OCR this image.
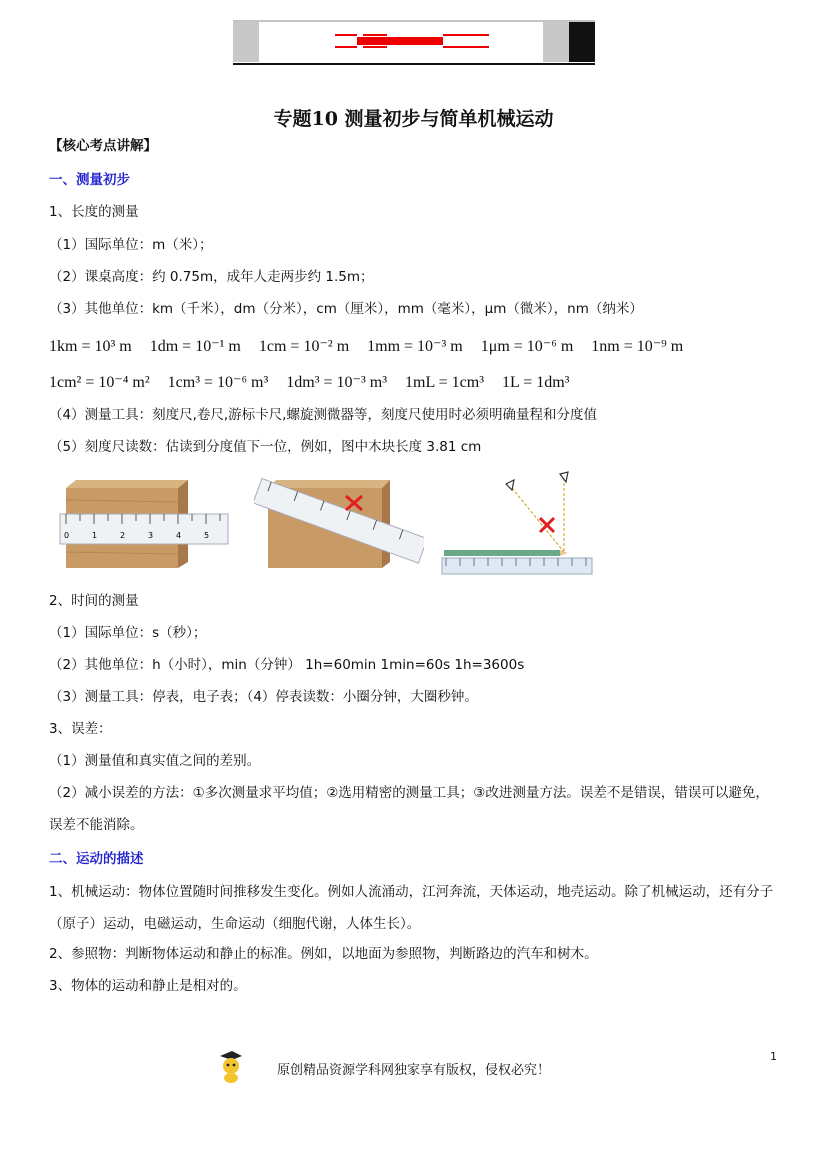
专题10 测量初步与简单机械运动
【核心考点讲解】
一、测量初步
1、长度的测量
（1）国际单位：m（米）；
（2）课桌高度：约 0.75m，成年人走两步约 1.5m；
（3）其他单位：km（千米），dm（分米），cm（厘米），mm（毫米），μm（微米），nm（纳米）
1km = 10³ m 1dm = 10⁻¹ m 1cm = 10⁻² m 1mm = 10⁻³ m 1μm = 10⁻⁶ m 1nm = 10⁻⁹ m
1cm² = 10⁻⁴ m² 1cm³ = 10⁻⁶ m³ 1dm³ = 10⁻³ m³ 1mL = 1cm³ 1L = 1dm³
（4）测量工具：刻度尺,卷尺,游标卡尺,螺旋测微器等，刻度尺使用时必须明确量程和分度值
（5）刻度尺读数：估读到分度值下一位，例如，图中木块长度 3.81 cm
0	1	2	3	4	5
2、时间的测量
（1）国际单位：s（秒）；
（2）其他单位：h（小时），min（分钟） 1h=60min 1min=60s 1h=3600s
（3）测量工具：停表，电子表；（4）停表读数：小圈分钟，大圈秒钟。
3、误差：
（1）测量值和真实值之间的差别。
（2）减小误差的方法：①多次测量求平均值；②选用精密的测量工具；③改进测量方法。误差不是错误，错误可以避免，误差不能消除。
二、运动的描述
1、机械运动：物体位置随时间推移发生变化。例如人流涌动，江河奔流，天体运动，地壳运动。除了机械运动，还有分子（原子）运动，电磁运动，生命运动（细胞代谢，人体生长）。
2、参照物：判断物体运动和静止的标准。例如，以地面为参照物，判断路边的汽车和树木。
3、物体的运动和静止是相对的。
原创精品资源学科网独家享有版权，侵权必究！
1
